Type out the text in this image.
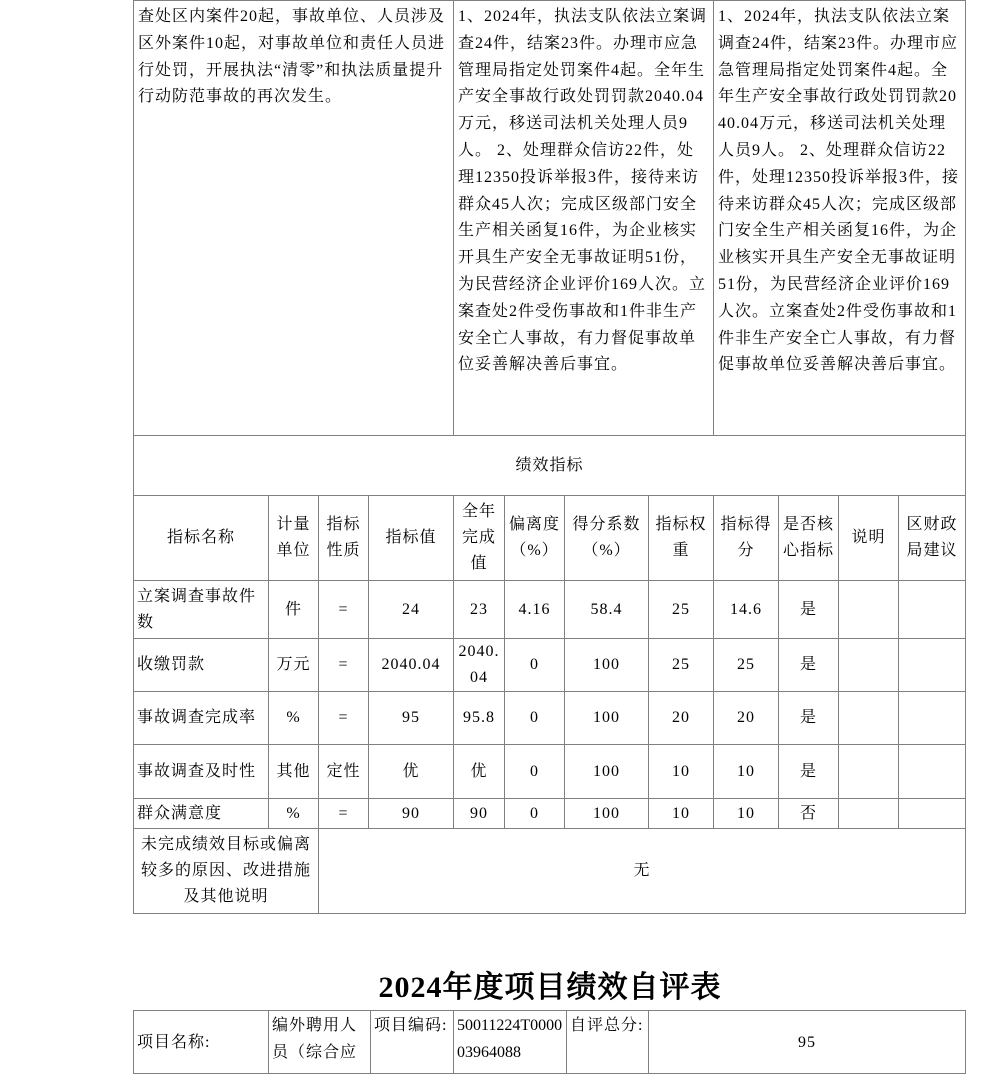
查处区内案件20起，事故单位、人员涉及区外案件10起，对事故单位和责任人员进行处罚，开展执法“清零”和执法质量提升行动防范事故的再次发生。	1、2024年，执法支队依法立案调查24件，结案23件。办理市应急管理局指定处罚案件4起。全年生产安全事故行政处罚罚款2040.04万元，移送司法机关处理人员9人。 2、处理群众信访22件，处理12350投诉举报3件，接待来访群众45人次；完成区级部门安全生产相关函复16件，为企业核实开具生产安全无事故证明51份，为民营经济企业评价169人次。立案查处2件受伤事故和1件非生产安全亡人事故，有力督促事故单位妥善解决善后事宜。	1、2024年，执法支队依法立案调查24件，结案23件。办理市应急管理局指定处罚案件4起。全年生产安全事故行政处罚罚款2040.04万元，移送司法机关处理人员9人。 2、处理群众信访22件，处理12350投诉举报3件，接待来访群众45人次；完成区级部门安全生产相关函复16件，为企业核实开具生产安全无事故证明51份，为民营经济企业评价169人次。立案查处2件受伤事故和1件非生产安全亡人事故，有力督促事故单位妥善解决善后事宜。
绩效指标											
指标名称	计量单位	指标性质	指标值	全年完成值	偏离度（%）	得分系数（%）	指标权重	指标得分	是否核心指标	说明	区财政局建议
立案调查事故件数	件	=	24	23	4.16	58.4	25	14.6	是		
收缴罚款	万元	=	2040.04	2040.04	0	100	25	25	是		
事故调查完成率	%	=	95	95.8	0	100	20	20	是		
事故调查及时性	其他	定性	优	优	0	100	10	10	是		
群众满意度	%	=	90	90	0	100	10	10	否		
未完成绩效目标或偏离较多的原因、改进措施及其他说明		无									
2024年度项目绩效自评表
项目名称:	编外聘用人员（综合应	项目编码:	50011224T000003964088	自评总分:	95
